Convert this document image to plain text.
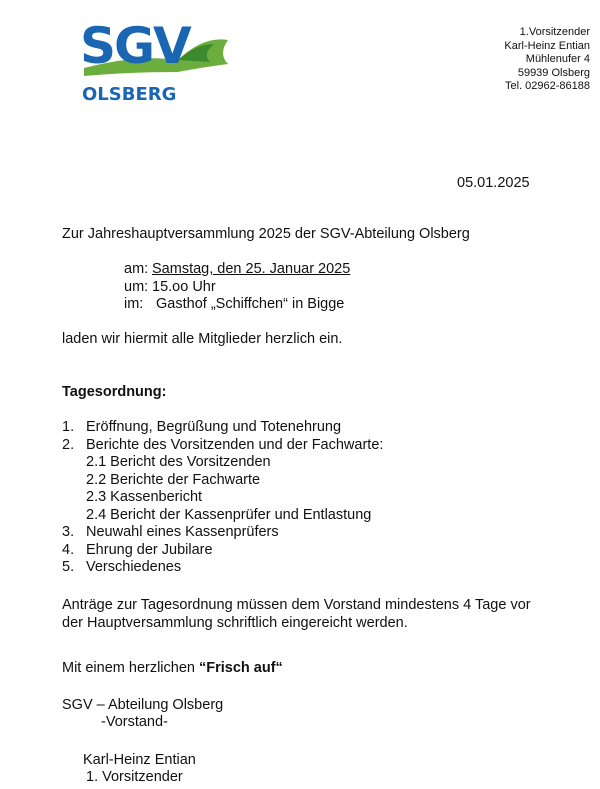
SGV
OLSBERG
1.Vorsitzender
Karl-Heinz Entian
Mühlenufer 4
59939 Olsberg
Tel. 02962-86188
05.01.2025
Zur Jahreshauptversammlung 2025 der SGV-Abteilung Olsberg
am: Samstag, den 25. Januar 2025
um: 15.oo Uhr
im: Gasthof „Schiffchen“ in Bigge
laden wir hiermit alle Mitglieder herzlich ein.
Tagesordnung:
1. Eröffnung, Begrüßung und Totenehrung
2. Berichte des Vorsitzenden und der Fachwarte:
2.1 Bericht des Vorsitzenden
2.2 Berichte der Fachwarte
2.3 Kassenbericht
2.4 Bericht der Kassenprüfer und Entlastung
3. Neuwahl eines Kassenprüfers
4. Ehrung der Jubilare
5. Verschiedenes
Anträge zur Tagesordnung müssen dem Vorstand mindestens 4 Tage vor
der Hauptversammlung schriftlich eingereicht werden.
Mit einem herzlichen “Frisch auf“
SGV – Abteilung Olsberg
-Vorstand-
Karl-Heinz Entian
1. Vorsitzender
